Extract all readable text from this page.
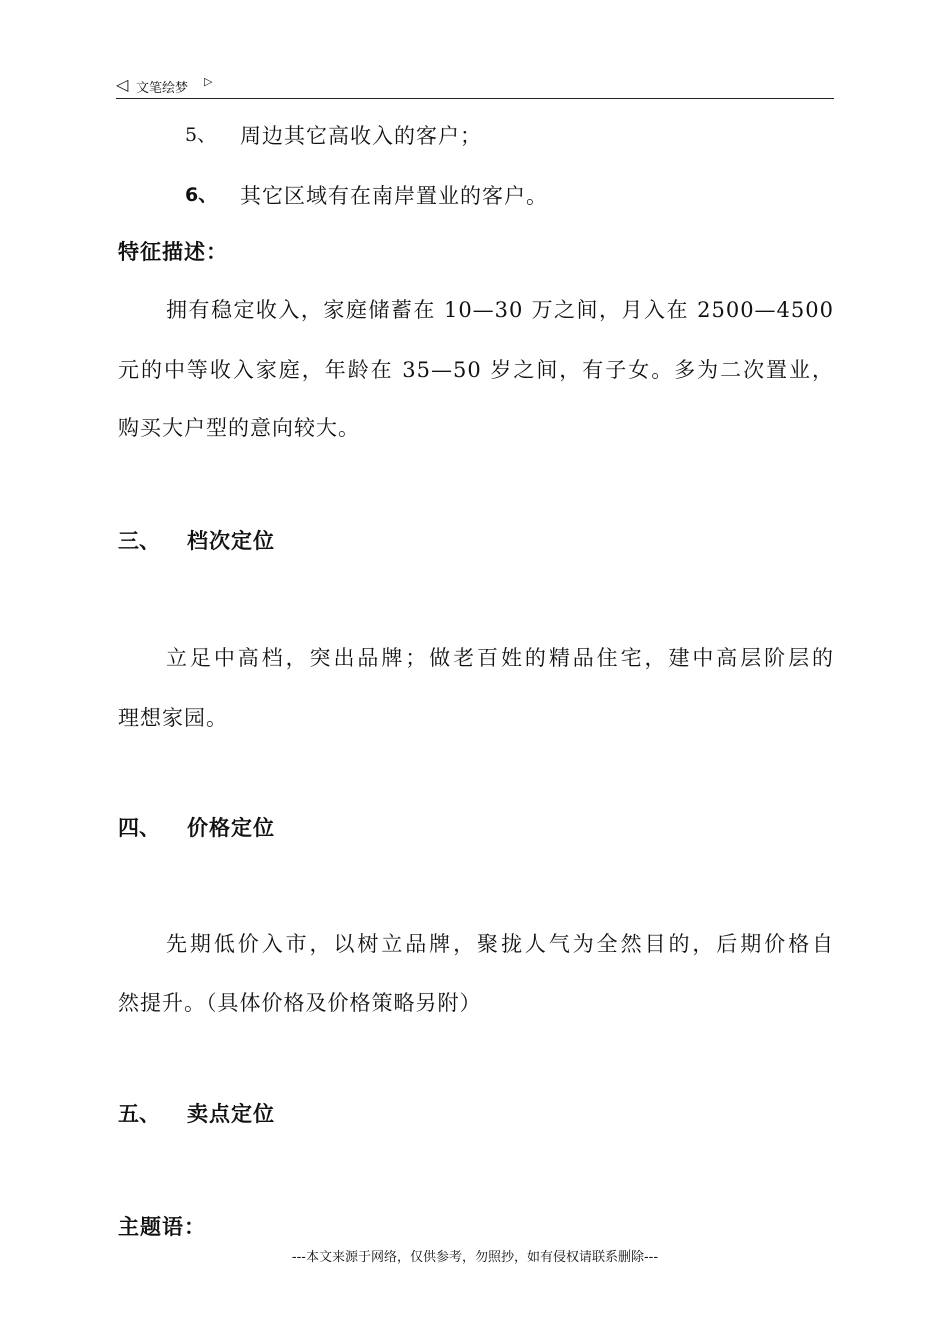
◁ 文笔绘梦 ▷
5、 周边其它高收入的客户；
6、 其它区域有在南岸置业的客户。
特征描述：
拥有稳定收入，家庭储蓄在 10—30 万之间，月入在 2500—4500
元的中等收入家庭，年龄在 35—50 岁之间，有子女。多为二次置业，
购买大户型的意向较大。
三、 档次定位
立足中高档，突出品牌；做老百姓的精品住宅，建中高层阶层的
理想家园。
四、 价格定位
先期低价入市，以树立品牌，聚拢人气为全然目的，后期价格自
然提升。（具体价格及价格策略另附）
五、 卖点定位
主题语：
---本文来源于网络，仅供参考，勿照抄，如有侵权请联系删除---
